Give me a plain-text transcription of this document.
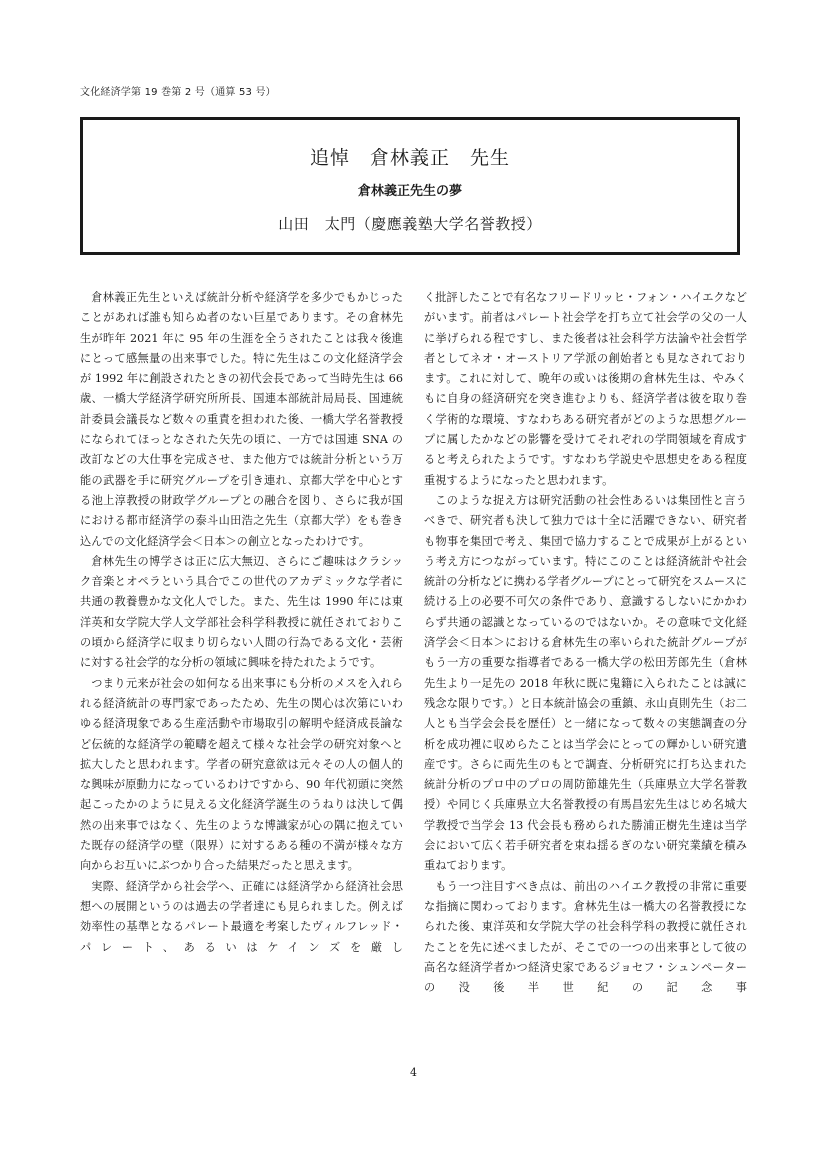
文化経済学第 19 巻第 2 号（通算 53 号）
追悼　倉林義正　先生
倉林義正先生の夢
山田　太門（慶應義塾大学名誉教授）

倉林義正先生といえば統計分析や経済学を多少でもかじったことがあれば誰も知らぬ者のない巨星であります。その倉林先生が昨年 2021 年に 95 年の生涯を全うされたことは我々後進にとって感無量の出来事でした。特に先生はこの文化経済学会が 1992 年に創設されたときの初代会長であって当時先生は 66 歳、一橋大学経済学研究所所長、国連本部統計局局長、国連統計委員会議長など数々の重責を担われた後、一橋大学名誉教授になられてほっとなされた矢先の頃に、一方では国連 SNA の改訂などの大仕事を完成させ、また他方では統計分析という万能の武器を手に研究グループを引き連れ、京都大学を中心とする池上淳教授の財政学グループとの融合を図り、さらに我が国における都市経済学の泰斗山田浩之先生（京都大学）をも巻き込んでの文化経済学会＜日本＞の創立となったわけです。

倉林先生の博学さは正に広大無辺、さらにご趣味はクラシック音楽とオペラという具合でこの世代のアカデミックな学者に共通の教養豊かな文化人でした。また、先生は 1990 年には東洋英和女学院大学人文学部社会科学科教授に就任されておりこの頃から経済学に収まり切らない人間の行為である文化・芸術に対する社会学的な分析の領域に興味を持たれたようです。

つまり元来が社会の如何なる出来事にも分析のメスを入れられる経済統計の専門家であったため、先生の関心は次第にいわゆる経済現象である生産活動や市場取引の解明や経済成長論など伝統的な経済学の範疇を超えて様々な社会学の研究対象へと拡大したと思われます。学者の研究意欲は元々その人の個人的な興味が原動力になっているわけですから、90 年代初頭に突然起こったかのように見える文化経済学誕生のうねりは決して偶然の出来事ではなく、先生のような博識家が心の隅に抱えていた既存の経済学の壁（限界）に対するある種の不満が様々な方向からお互いにぶつかり合った結果だったと思えます。

実際、経済学から社会学へ、正確には経済学から経済社会思想への展開というのは過去の学者達にも見られました。例えば効率性の基準となるパレート最適を考案したヴィルフレッド・パレート、あるいはケインズを厳し

く批評したことで有名なフリードリッヒ・フォン・ハイエクなどがいます。前者はパレート社会学を打ち立て社会学の父の一人に挙げられる程ですし、また後者は社会科学方法論や社会哲学者としてネオ・オーストリア学派の創始者とも見なされております。これに対して、晩年の或いは後期の倉林先生は、やみくもに自身の経済研究を突き進むよりも、経済学者は彼を取り巻く学術的な環境、すなわちある研究者がどのような思想グループに属したかなどの影響を受けてそれぞれの学問領域を育成すると考えられたようです。すなわち学説史や思想史をある程度重視するようになったと思われます。

このような捉え方は研究活動の社会性あるいは集団性と言うべきで、研究者も決して独力では十全に活躍できない、研究者も物事を集団で考え、集団で協力することで成果が上がるという考え方につながっています。特にこのことは経済統計や社会統計の分析などに携わる学者グループにとって研究をスムースに続ける上の必要不可欠の条件であり、意識するしないにかかわらず共通の認識となっているのではないか。その意味で文化経済学会＜日本＞における倉林先生の率いられた統計グループがもう一方の重要な指導者である一橋大学の松田芳郎先生（倉林先生より一足先の 2018 年秋に既に鬼籍に入られたことは誠に残念な限りです。）と日本統計協会の重鎮、永山貞則先生（お二人とも当学会会長を歴任）と一緒になって数々の実態調査の分析を成功裡に収めらたことは当学会にとっての輝かしい研究遺産です。さらに両先生のもとで調査、分析研究に打ち込まれた統計分析のプロ中のプロの周防節雄先生（兵庫県立大学名誉教授）や同じく兵庫県立大名誉教授の有馬昌宏先生はじめ名城大学教授で当学会 13 代会長も務められた勝浦正樹先生達は当学会において広く若手研究者を束ね揺るぎのない研究業績を積み重ねております。

もう一つ注目すべき点は、前出のハイエク教授の非常に重要な指摘に関わっております。倉林先生は一橋大の名誉教授になられた後、東洋英和女学院大学の社会科学科の教授に就任されたことを先に述べましたが、そこでの一つの出来事として彼の高名な経済学者かつ経済史家であるジョセフ・シュンペーターの没後半世紀の記念事

4
